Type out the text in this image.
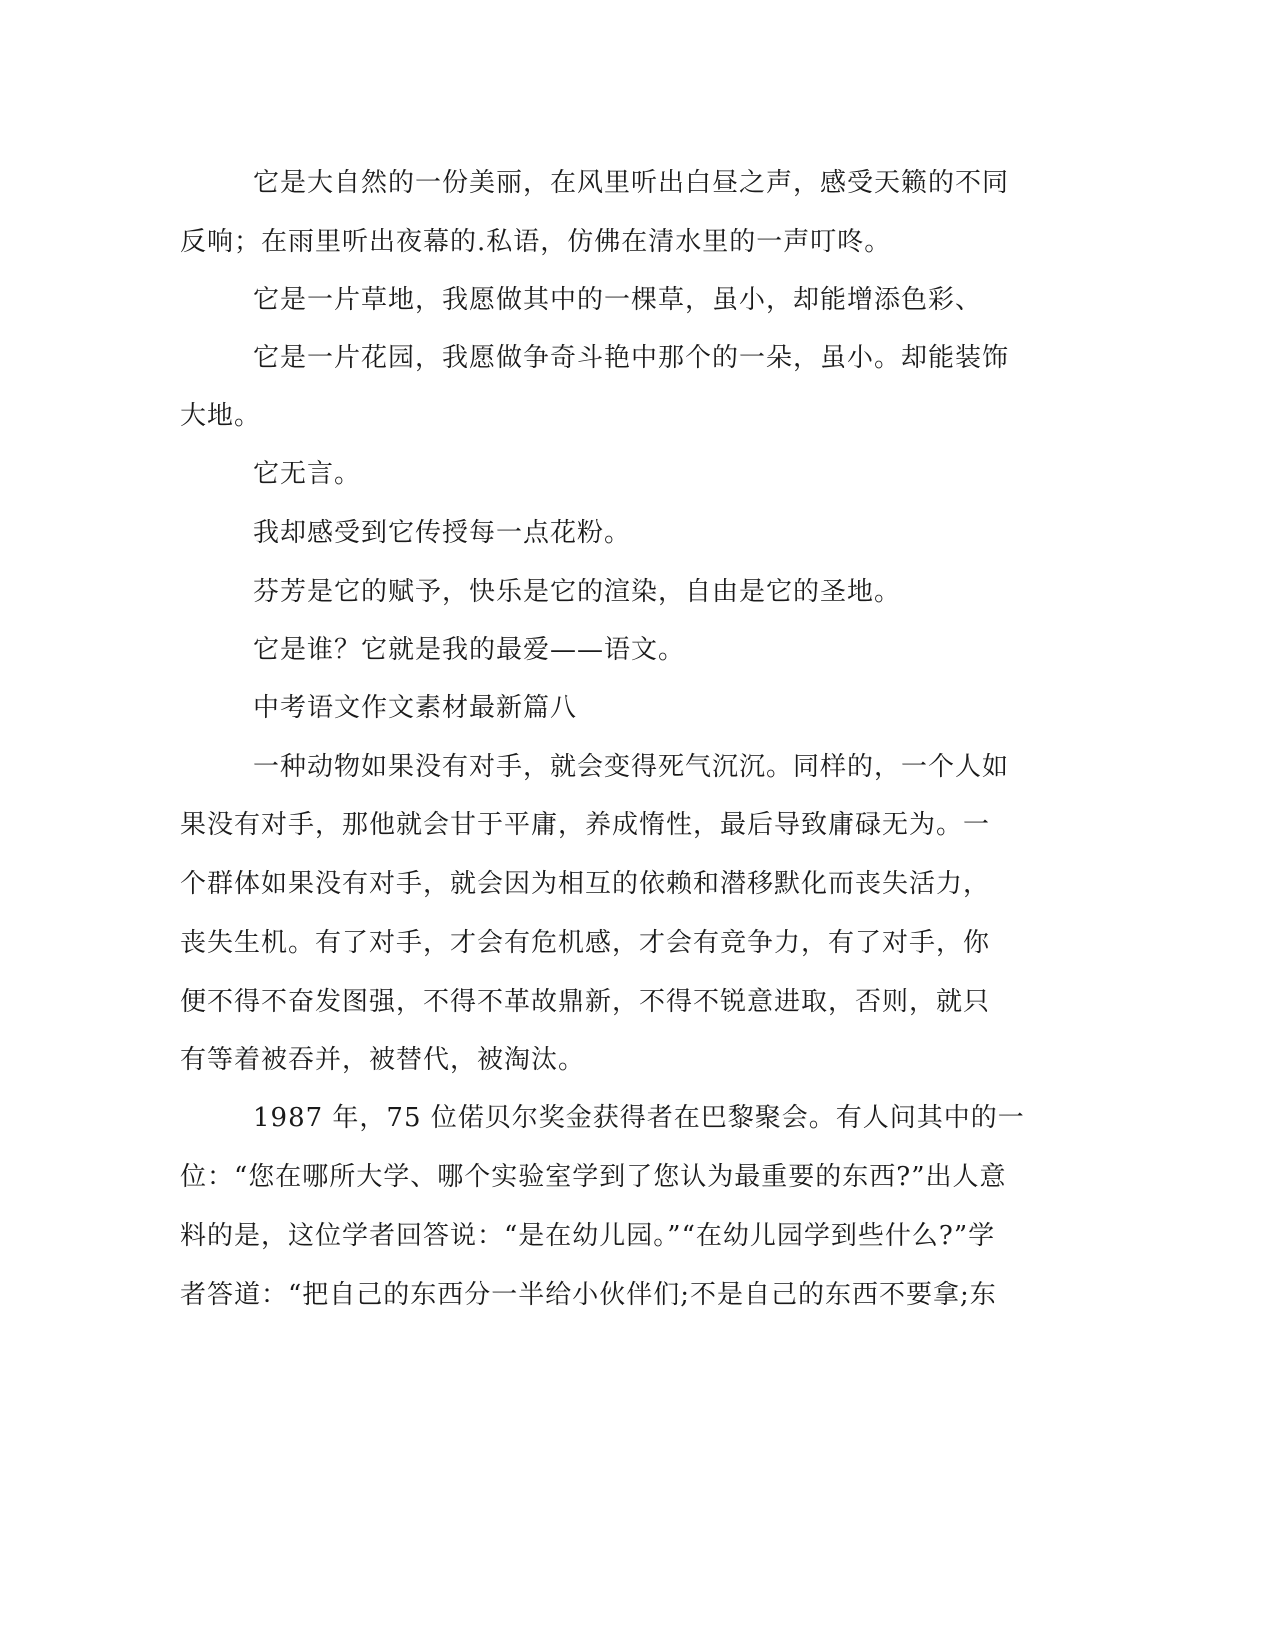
它是大自然的一份美丽，在风里听出白昼之声，感受天籁的不同
反响；在雨里听出夜幕的.私语，仿佛在清水里的一声叮咚。
它是一片草地，我愿做其中的一棵草，虽小，却能增添色彩、
它是一片花园，我愿做争奇斗艳中那个的一朵，虽小。却能装饰
大地。
它无言。
我却感受到它传授每一点花粉。
芬芳是它的赋予，快乐是它的渲染，自由是它的圣地。
它是谁？它就是我的最爱——语文。
中考语文作文素材最新篇八
一种动物如果没有对手，就会变得死气沉沉。同样的，一个人如
果没有对手，那他就会甘于平庸，养成惰性，最后导致庸碌无为。一
个群体如果没有对手，就会因为相互的依赖和潜移默化而丧失活力，
丧失生机。有了对手，才会有危机感，才会有竞争力，有了对手，你
便不得不奋发图强，不得不革故鼎新，不得不锐意进取，否则，就只
有等着被吞并，被替代，被淘汰。
1987 年，75 位偌贝尔奖金获得者在巴黎聚会。有人问其中的一
位：“您在哪所大学、哪个实验室学到了您认为最重要的东西?”出人意
料的是，这位学者回答说：“是在幼儿园。”“在幼儿园学到些什么?”学
者答道：“把自己的东西分一半给小伙伴们;不是自己的东西不要拿;东
